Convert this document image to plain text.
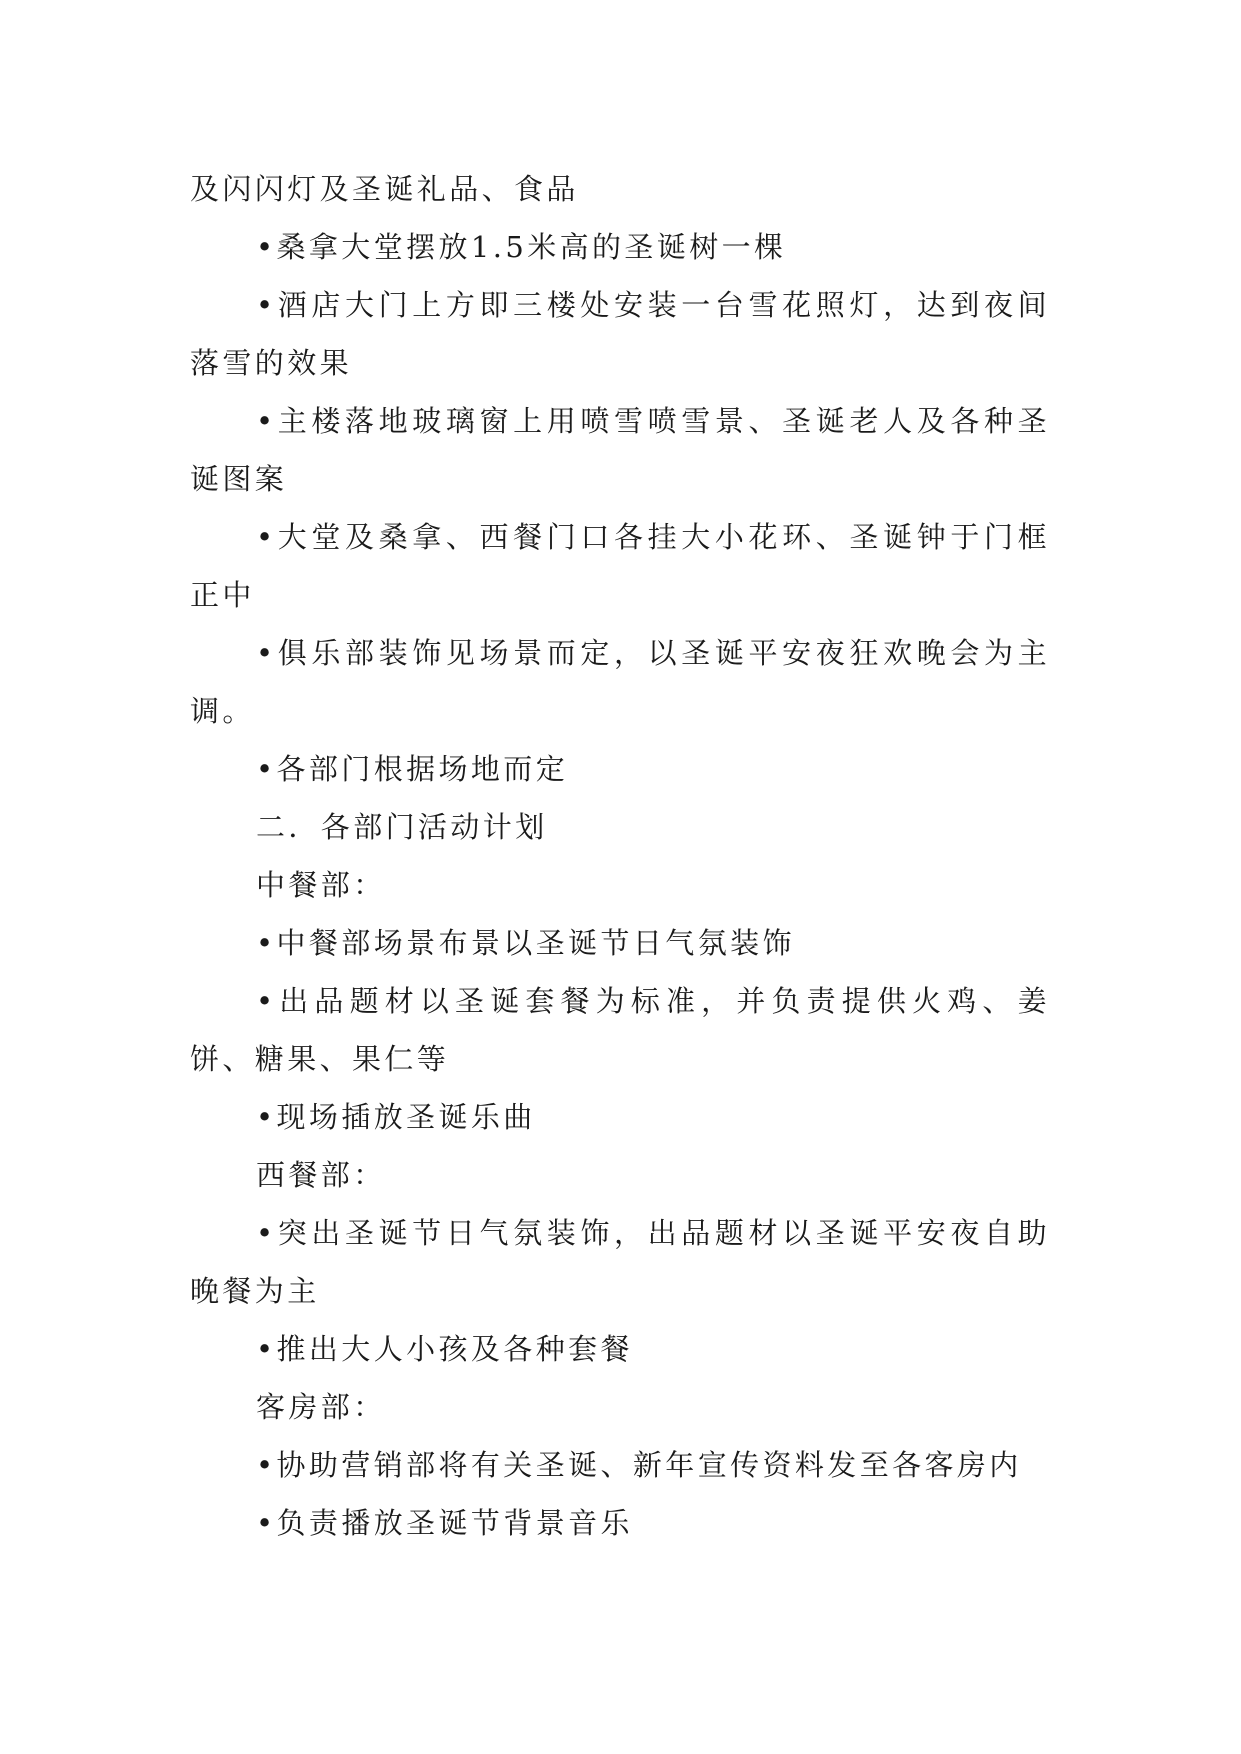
及闪闪灯及圣诞礼品、食品

•桑拿大堂摆放1.5米高的圣诞树一棵

•酒店大门上方即三楼处安装一台雪花照灯，达到夜间落雪的效果

•主楼落地玻璃窗上用喷雪喷雪景、圣诞老人及各种圣诞图案

•大堂及桑拿、西餐门口各挂大小花环、圣诞钟于门框正中

•俱乐部装饰见场景而定，以圣诞平安夜狂欢晚会为主调。

•各部门根据场地而定

二．各部门活动计划

中餐部：

•中餐部场景布景以圣诞节日气氛装饰

•出品题材以圣诞套餐为标准，并负责提供火鸡、姜饼、糖果、果仁等

•现场插放圣诞乐曲

西餐部：

•突出圣诞节日气氛装饰，出品题材以圣诞平安夜自助晚餐为主

•推出大人小孩及各种套餐

客房部：

•协助营销部将有关圣诞、新年宣传资料发至各客房内

•负责播放圣诞节背景音乐
